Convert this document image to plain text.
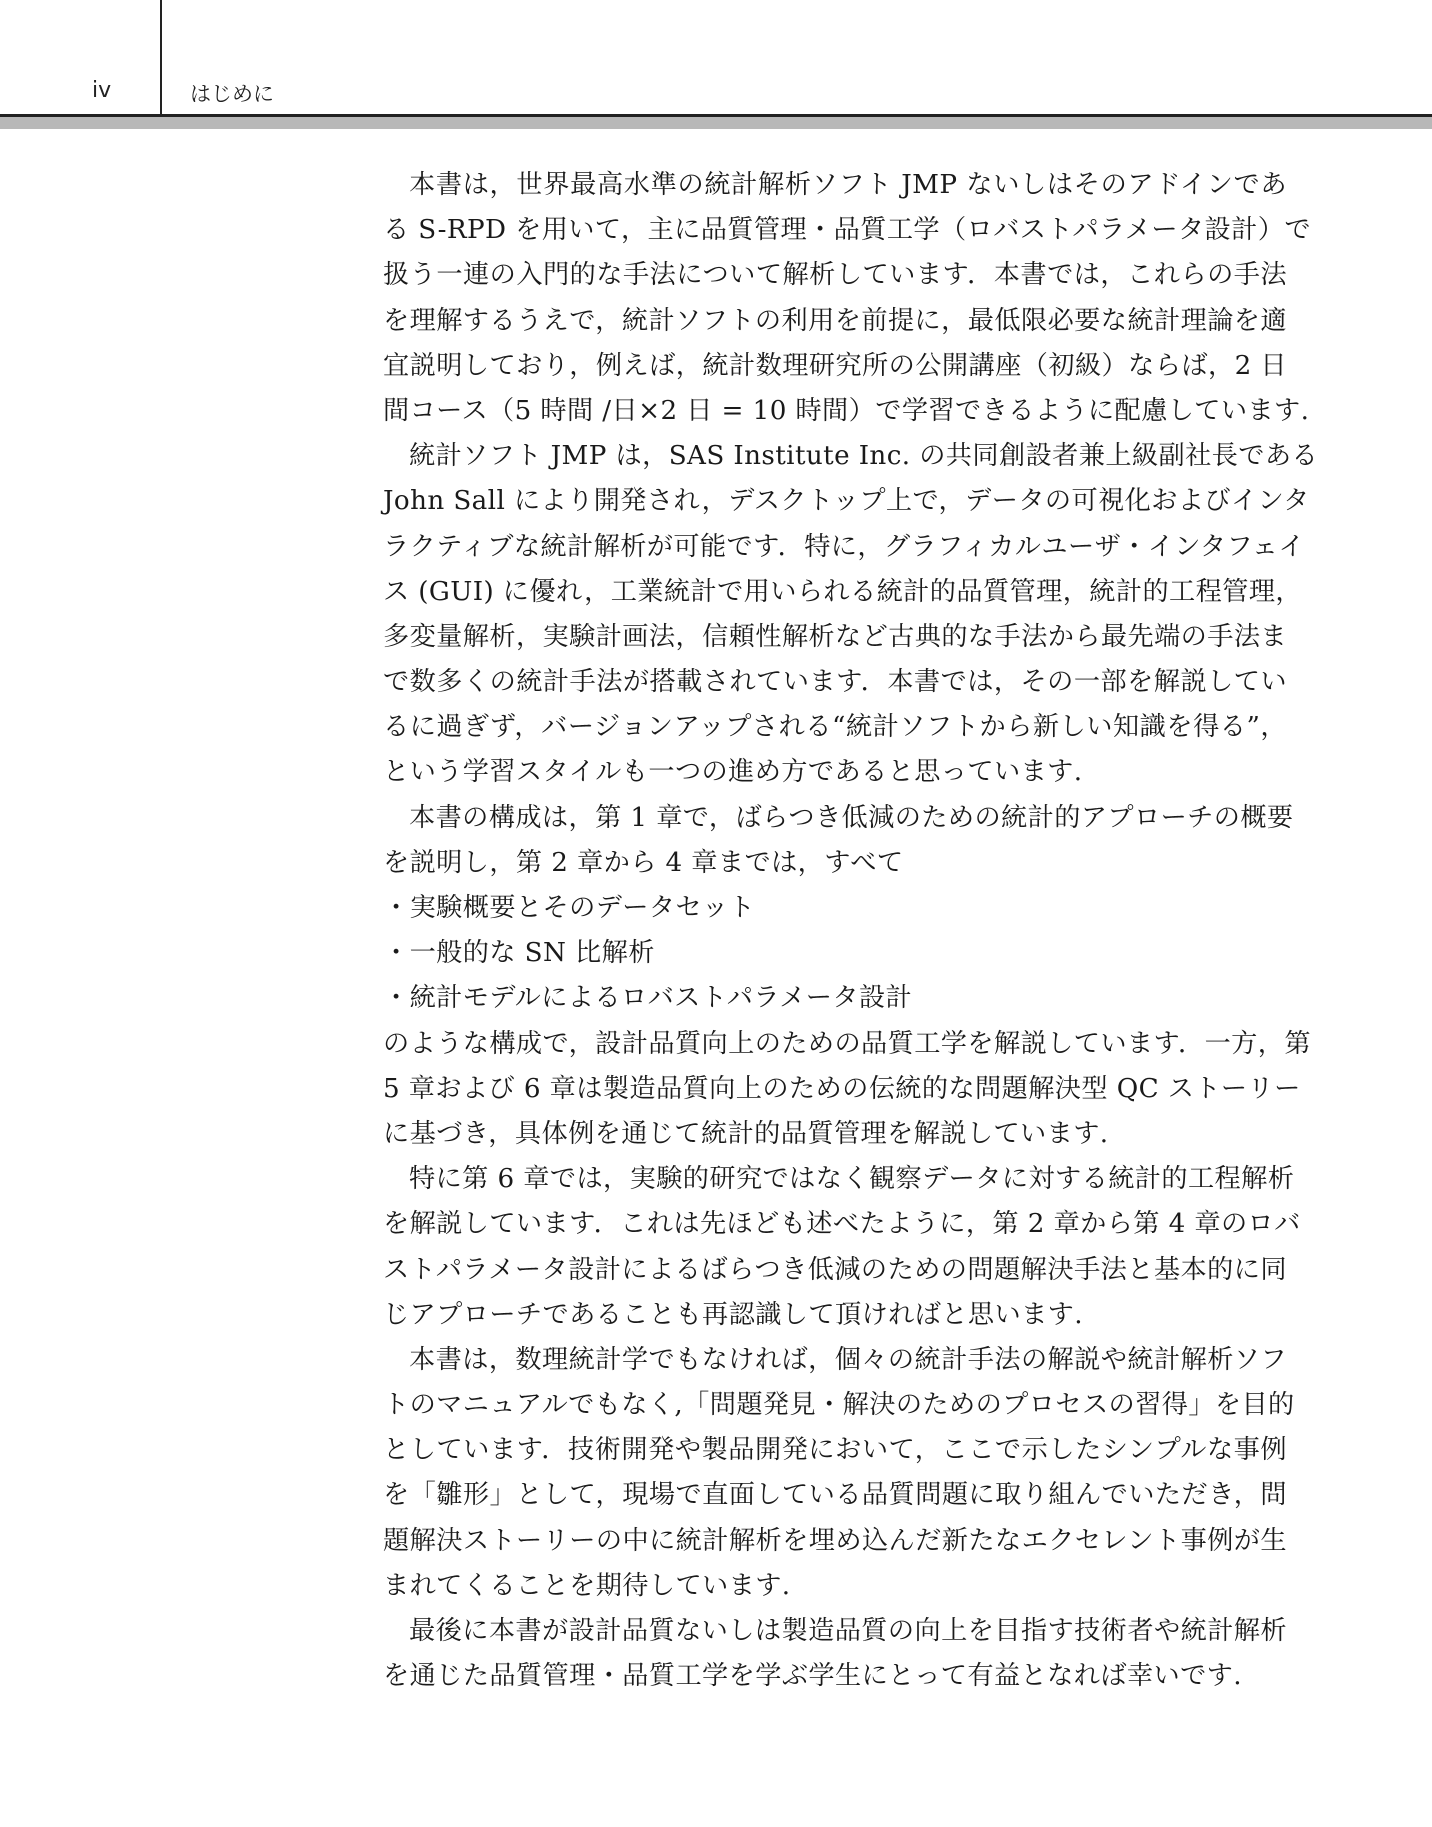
iv	はじめに
本書は，世界最高水準の統計解析ソフト JMP ないしはそのアドインであ
る S-RPD を用いて，主に品質管理・品質工学（ロバストパラメータ設計）で
扱う一連の入門的な手法について解析しています．本書では，これらの手法
を理解するうえで，統計ソフトの利用を前提に，最低限必要な統計理論を適
宜説明しており，例えば，統計数理研究所の公開講座（初級）ならば，2 日
間コース（5 時間 /日×2 日 = 10 時間）で学習できるように配慮しています.
統計ソフト JMP は，SAS Institute Inc. の共同創設者兼上級副社長である
John Sall により開発され，デスクトップ上で，データの可視化およびインタ
ラクティブな統計解析が可能です．特に，グラフィカルユーザ・インタフェイ
ス (GUI) に優れ，工業統計で用いられる統計的品質管理，統計的工程管理，
多変量解析，実験計画法，信頼性解析など古典的な手法から最先端の手法ま
で数多くの統計手法が搭載されています．本書では，その一部を解説してい
るに過ぎず，バージョンアップされる“統計ソフトから新しい知識を得る”，
という学習スタイルも一つの進め方であると思っています.
本書の構成は，第 1 章で，ばらつき低減のための統計的アプローチの概要
を説明し，第 2 章から 4 章までは，すべて
・実験概要とそのデータセット
・一般的な SN 比解析
・統計モデルによるロバストパラメータ設計
のような構成で，設計品質向上のための品質工学を解説しています．一方，第
5 章および 6 章は製造品質向上のための伝統的な問題解決型 QC ストーリー
に基づき，具体例を通じて統計的品質管理を解説しています.
特に第 6 章では，実験的研究ではなく観察データに対する統計的工程解析
を解説しています．これは先ほども述べたように，第 2 章から第 4 章のロバ
ストパラメータ設計によるばらつき低減のための問題解決手法と基本的に同
じアプローチであることも再認識して頂ければと思います.
本書は，数理統計学でもなければ，個々の統計手法の解説や統計解析ソフ
トのマニュアルでもなく,「問題発見・解決のためのプロセスの習得」を目的
としています．技術開発や製品開発において，ここで示したシンプルな事例
を「雛形」として，現場で直面している品質問題に取り組んでいただき，問
題解決ストーリーの中に統計解析を埋め込んだ新たなエクセレント事例が生
まれてくることを期待しています.
最後に本書が設計品質ないしは製造品質の向上を目指す技術者や統計解析
を通じた品質管理・品質工学を学ぶ学生にとって有益となれば幸いです.
